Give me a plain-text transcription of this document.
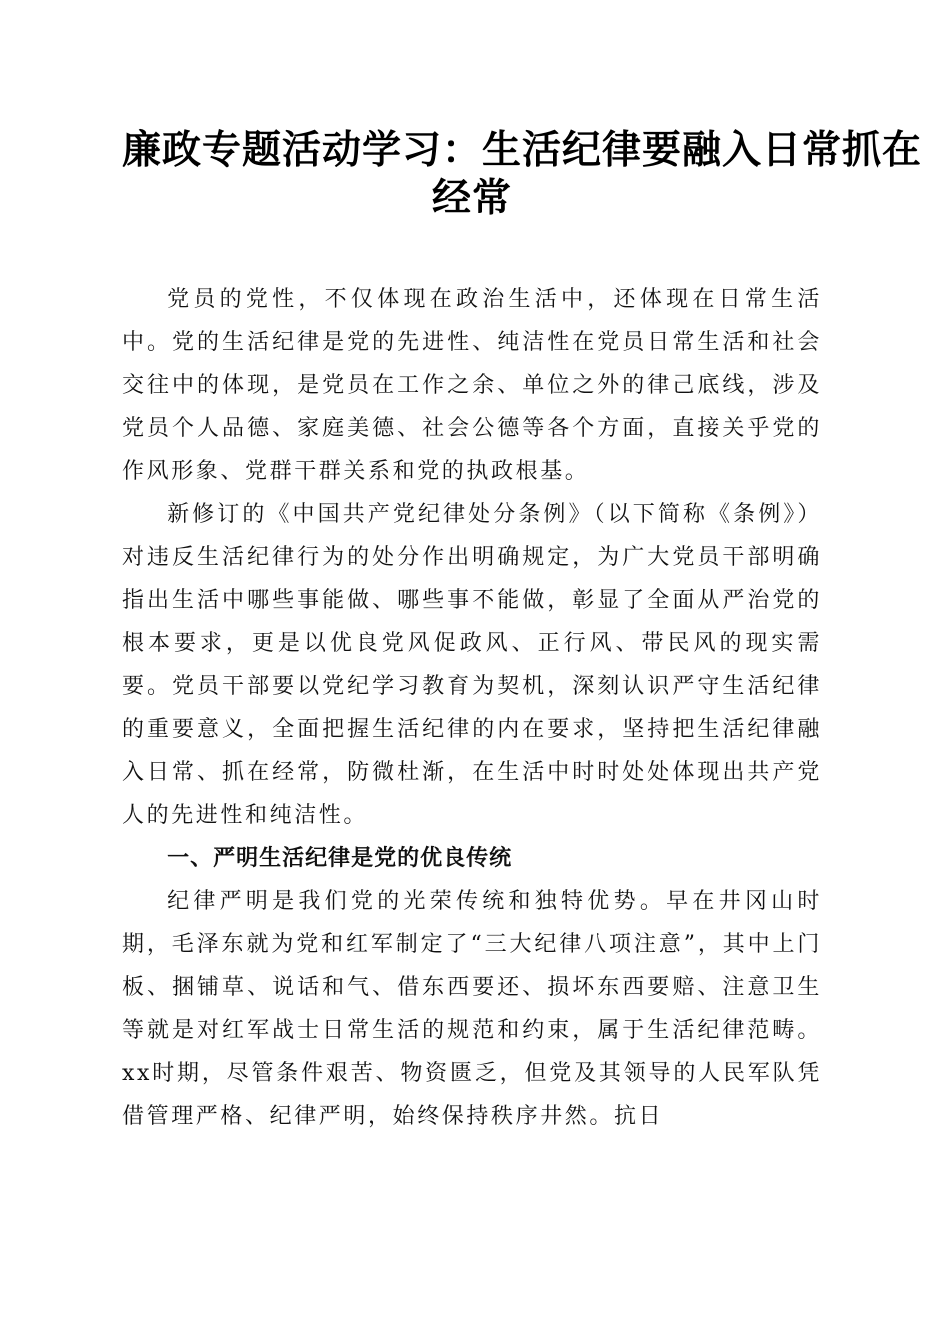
廉政专题活动学习：生活纪律要融入日常抓在
经常

党员的党性，不仅体现在政治生活中，还体现在日常生活中。党的生活纪律是党的先进性、纯洁性在党员日常生活和社会交往中的体现，是党员在工作之余、单位之外的律己底线，涉及党员个人品德、家庭美德、社会公德等各个方面，直接关乎党的作风形象、党群干群关系和党的执政根基。

新修订的《中国共产党纪律处分条例》（以下简称《条例》）对违反生活纪律行为的处分作出明确规定，为广大党员干部明确指出生活中哪些事能做、哪些事不能做，彰显了全面从严治党的根本要求，更是以优良党风促政风、正行风、带民风的现实需要。党员干部要以党纪学习教育为契机，深刻认识严守生活纪律的重要意义，全面把握生活纪律的内在要求，坚持把生活纪律融入日常、抓在经常，防微杜渐，在生活中时时处处体现出共产党人的先进性和纯洁性。

一、严明生活纪律是党的优良传统

纪律严明是我们党的光荣传统和独特优势。早在井冈山时期，毛泽东就为党和红军制定了“三大纪律八项注意”，其中上门板、捆铺草、说话和气、借东西要还、损坏东西要赔、注意卫生等就是对红军战士日常生活的规范和约束，属于生活纪律范畴。xx时期，尽管条件艰苦、物资匮乏，但党及其领导的人民军队凭借管理严格、纪律严明，始终保持秩序井然。抗日
